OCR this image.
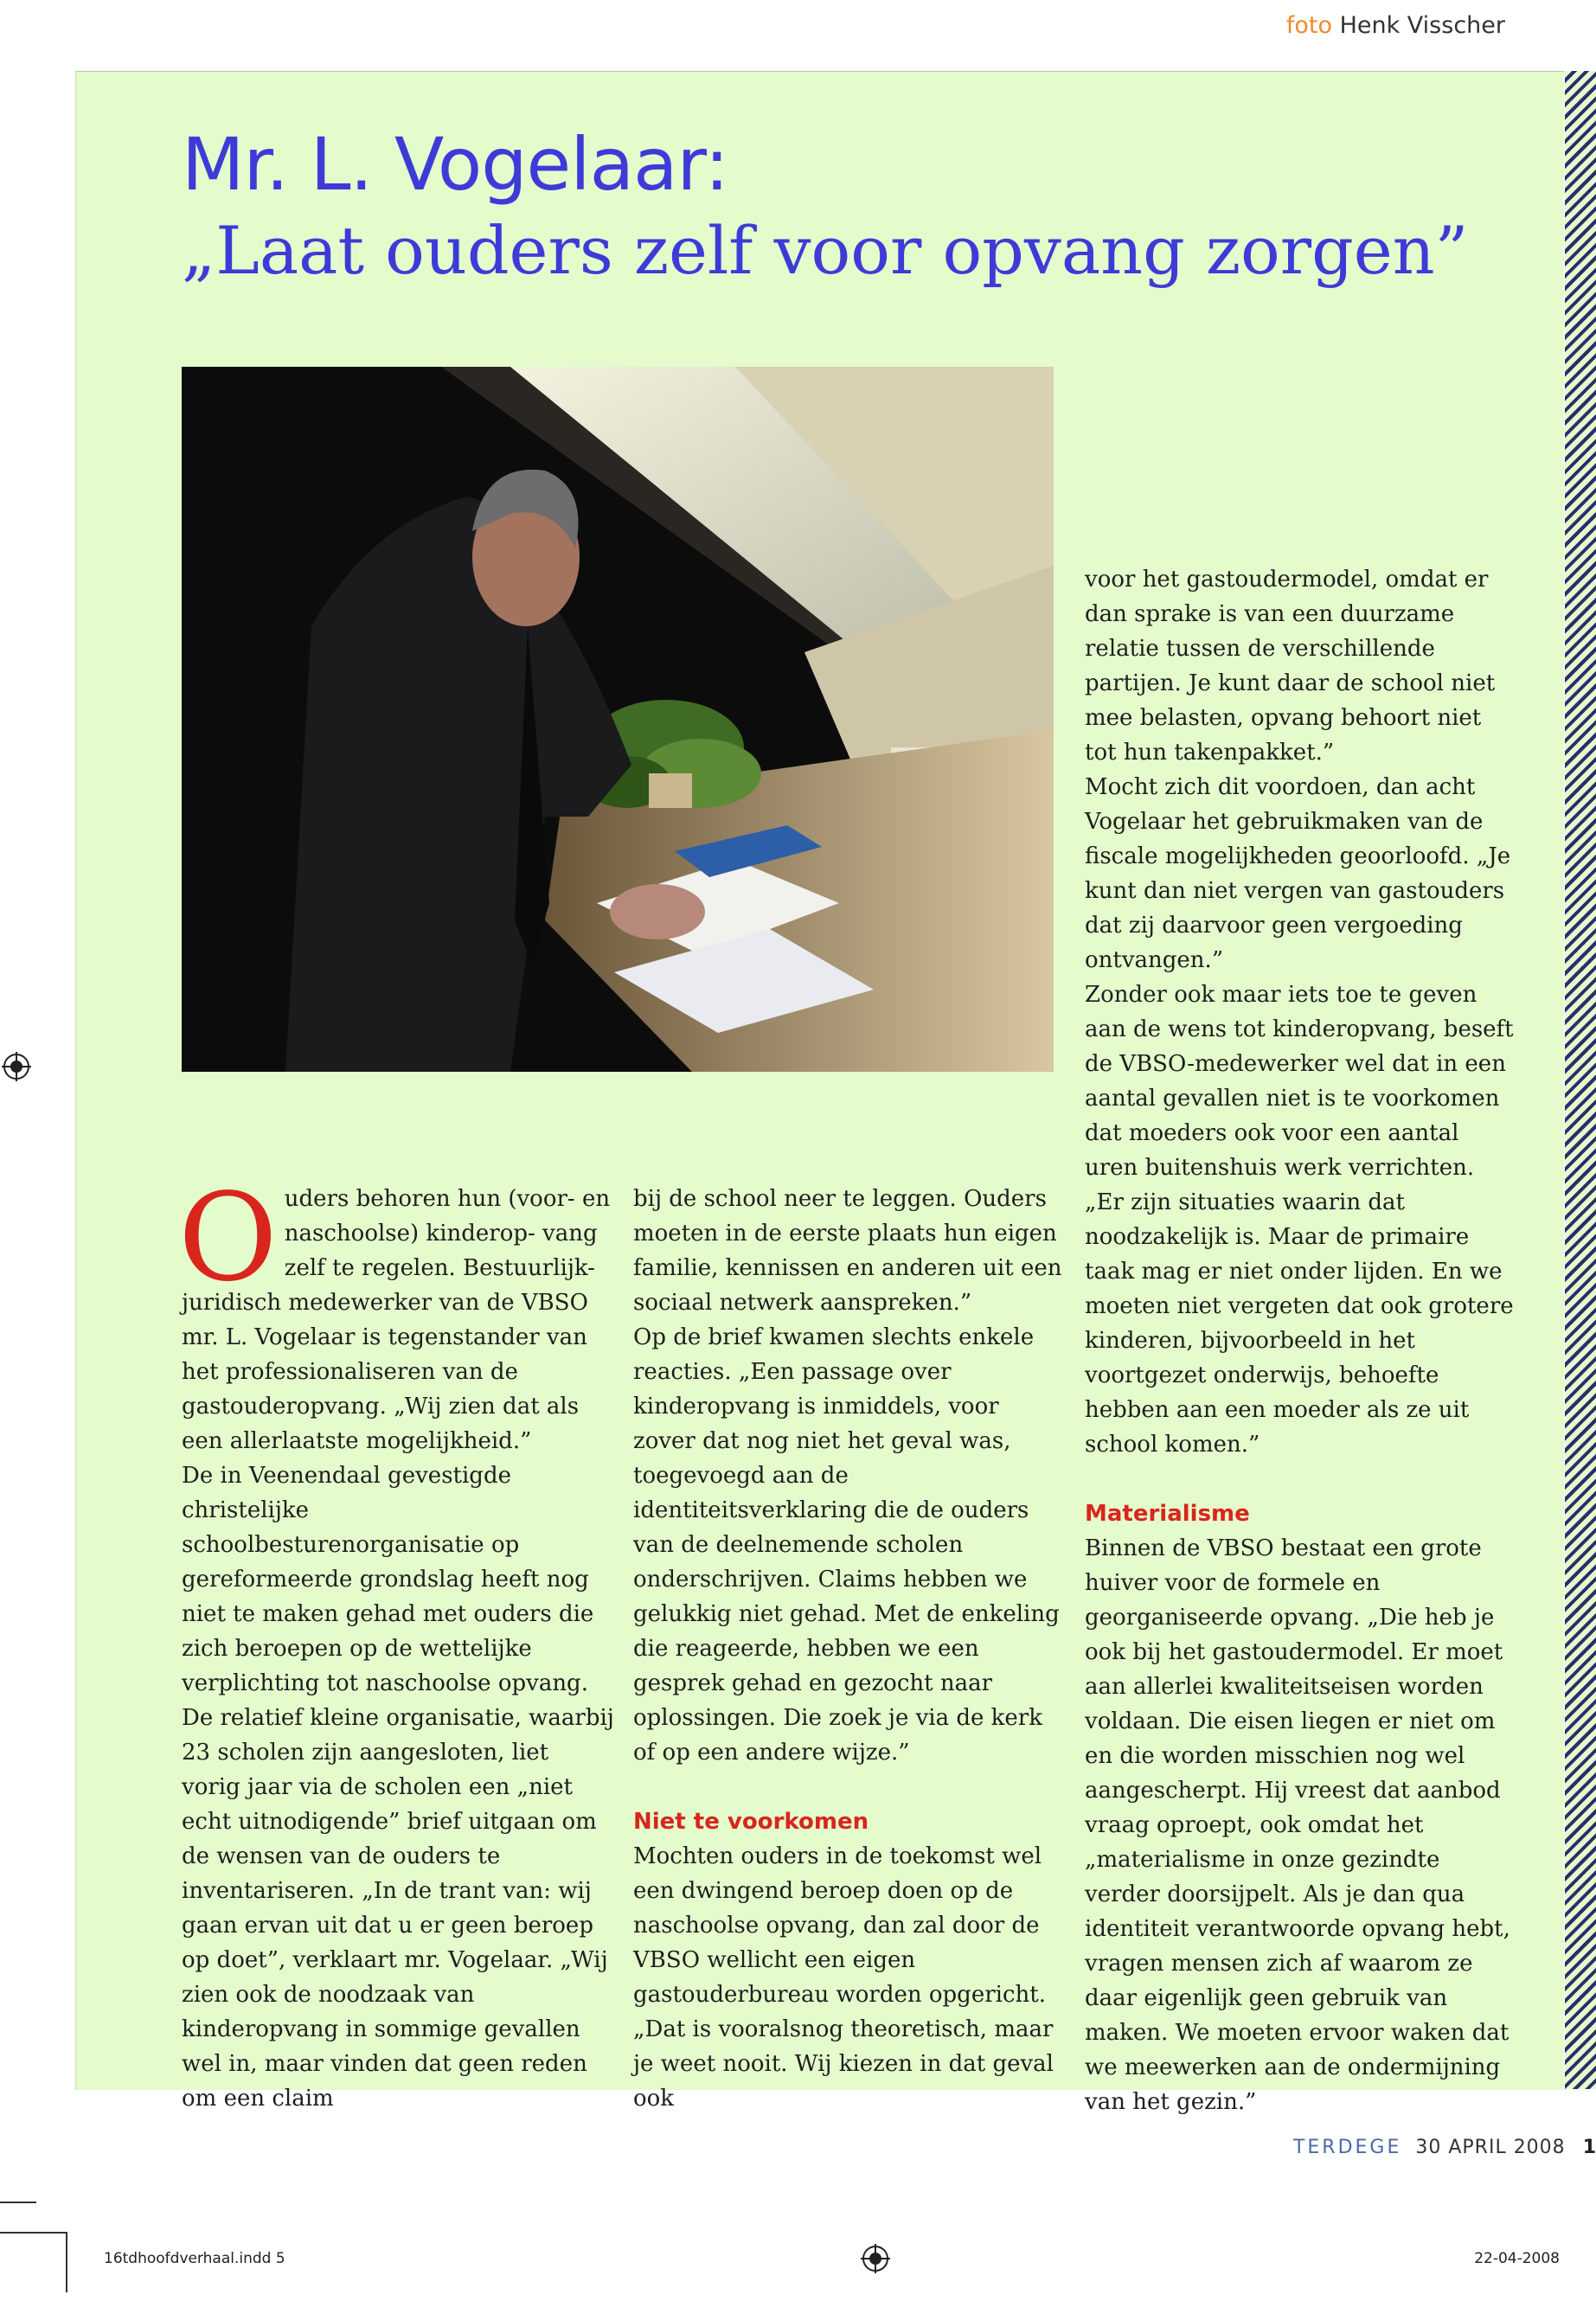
foto Henk Visscher
Mr. L. Vogelaar:
„Laat ouders zelf voor opvang zorgen”
O uders behoren hun (voor- en naschoolse) kinderop- vang zelf te regelen. Bestuurlijk-juridisch medewerker van de VBSO mr. L. Vogelaar is tegenstander van het professionaliseren van de gastouderopvang. „Wij zien dat als een allerlaatste mogelijkheid.”

De in Veenendaal gevestigde christelijke schoolbesturenorganisatie op gereformeerde grondslag heeft nog niet te maken gehad met ouders die zich beroepen op de wettelijke verplichting tot naschoolse opvang.

De relatief kleine organisatie, waarbij 23 scholen zijn aangesloten, liet vorig jaar via de scholen een „niet echt uitnodigende” brief uitgaan om de wensen van de ouders te inventariseren. „In de trant van: wij gaan ervan uit dat u er geen beroep op doet”, verklaart mr. Vogelaar. „Wij zien ook de noodzaak van kinderopvang in sommige gevallen wel in, maar vinden dat geen reden om een claim

bij de school neer te leggen. Ouders moeten in de eerste plaats hun eigen familie, kennissen en anderen uit een sociaal netwerk aanspreken.”

Op de brief kwamen slechts enkele reacties. „Een passage over kinderopvang is inmiddels, voor zover dat nog niet het geval was, toegevoegd aan de identiteitsverklaring die de ouders van de deelnemende scholen onderschrijven. Claims hebben we gelukkig niet gehad. Met de enkeling die reageerde, hebben we een gesprek gehad en gezocht naar oplossingen. Die zoek je via de kerk of op een andere wijze.”

Niet te voorkomen

Mochten ouders in de toekomst wel een dwingend beroep doen op de naschoolse opvang, dan zal door de VBSO wellicht een eigen gastouderbureau worden opgericht. „Dat is vooralsnog theoretisch, maar je weet nooit. Wij kiezen in dat geval ook

voor het gastoudermodel, omdat er dan sprake is van een duurzame relatie tussen de verschillende partijen. Je kunt daar de school niet mee belasten, opvang behoort niet tot hun takenpakket.”

Mocht zich dit voordoen, dan acht Vogelaar het gebruikmaken van de fiscale mogelijkheden geoorloofd. „Je kunt dan niet vergen van gastouders dat zij daarvoor geen vergoeding ontvangen.”

Zonder ook maar iets toe te geven aan de wens tot kinderopvang, beseft de VBSO-medewerker wel dat in een aantal gevallen niet is te voorkomen dat moeders ook voor een aantal uren buitenshuis werk verrichten. „Er zijn situaties waarin dat noodzakelijk is. Maar de primaire taak mag er niet onder lijden. En we moeten niet vergeten dat ook grotere kinderen, bijvoorbeeld in het voortgezet onderwijs, behoefte hebben aan een moeder als ze uit school komen.”

Materialisme

Binnen de VBSO bestaat een grote huiver voor de formele en georganiseerde opvang. „Die heb je ook bij het gastoudermodel. Er moet aan allerlei kwaliteitseisen worden voldaan. Die eisen liegen er niet om en die worden misschien nog wel aangescherpt. Hij vreest dat aanbod vraag oproept, ook omdat het „materialisme in onze gezindte verder doorsijpelt. Als je dan qua identiteit verantwoorde opvang hebt, vragen mensen zich af waarom ze daar eigenlijk geen gebruik van maken. We moeten ervoor waken dat we meewerken aan de ondermijning van het gezin.”

TERDEGE 30 APRIL 2008 1
16tdhoofdverhaal.indd 5	22-04-2008
